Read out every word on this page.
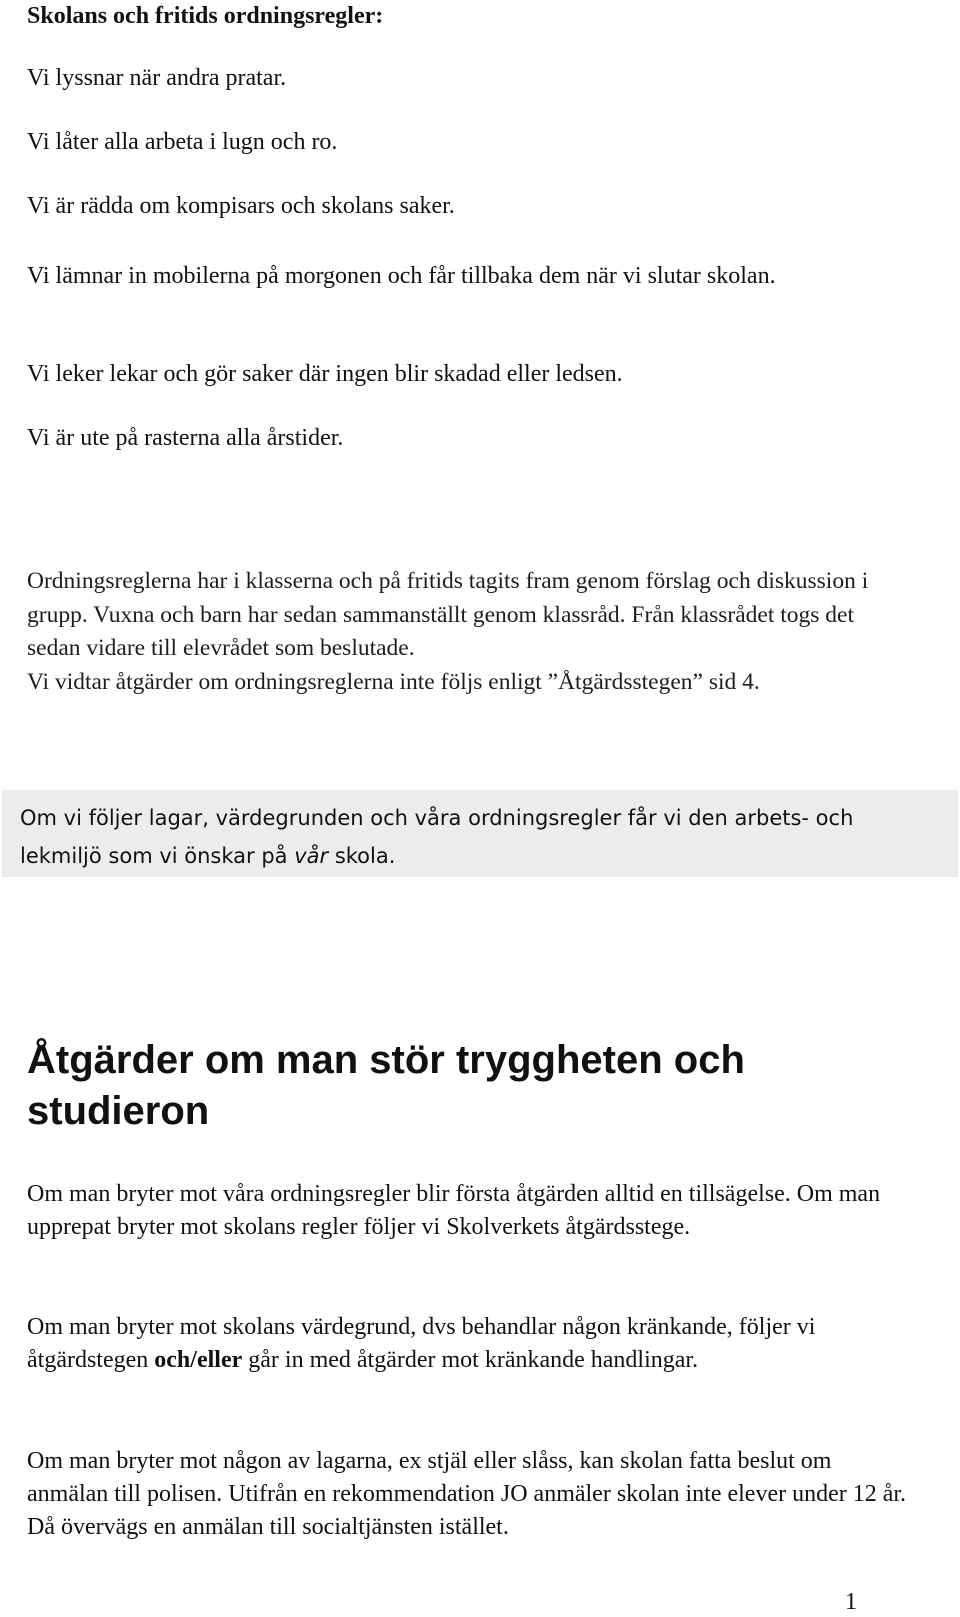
Skolans och fritids ordningsregler:

Vi lyssnar när andra pratar.

Vi låter alla arbeta i lugn och ro.

Vi är rädda om kompisars och skolans saker.

Vi lämnar in mobilerna på morgonen och får tillbaka dem när vi slutar skolan.

Vi leker lekar och gör saker där ingen blir skadad eller ledsen.

Vi är ute på rasterna alla årstider.

Ordningsreglerna har i klasserna och på fritids tagits fram genom förslag och diskussion i grupp. Vuxna och barn har sedan sammanställt genom klassråd. Från klassrådet togs det sedan vidare till elevrådet som beslutade.

Vi vidtar åtgärder om ordningsreglerna inte följs enligt ”Åtgärdsstegen” sid 4.

Om vi följer lagar, värdegrunden och våra ordningsregler får vi den arbets- och lekmiljö som vi önskar på vår skola.

Åtgärder om man stör tryggheten och studieron

Om man bryter mot våra ordningsregler blir första åtgärden alltid en tillsägelse. Om man upprepat bryter mot skolans regler följer vi Skolverkets åtgärdsstege.

Om man bryter mot skolans värdegrund, dvs behandlar någon kränkande, följer vi åtgärdstegen och/eller går in med åtgärder mot kränkande handlingar.

Om man bryter mot någon av lagarna, ex stjäl eller slåss, kan skolan fatta beslut om anmälan till polisen. Utifrån en rekommendation JO anmäler skolan inte elever under 12 år. Då övervägs en anmälan till socialtjänsten istället.

1
